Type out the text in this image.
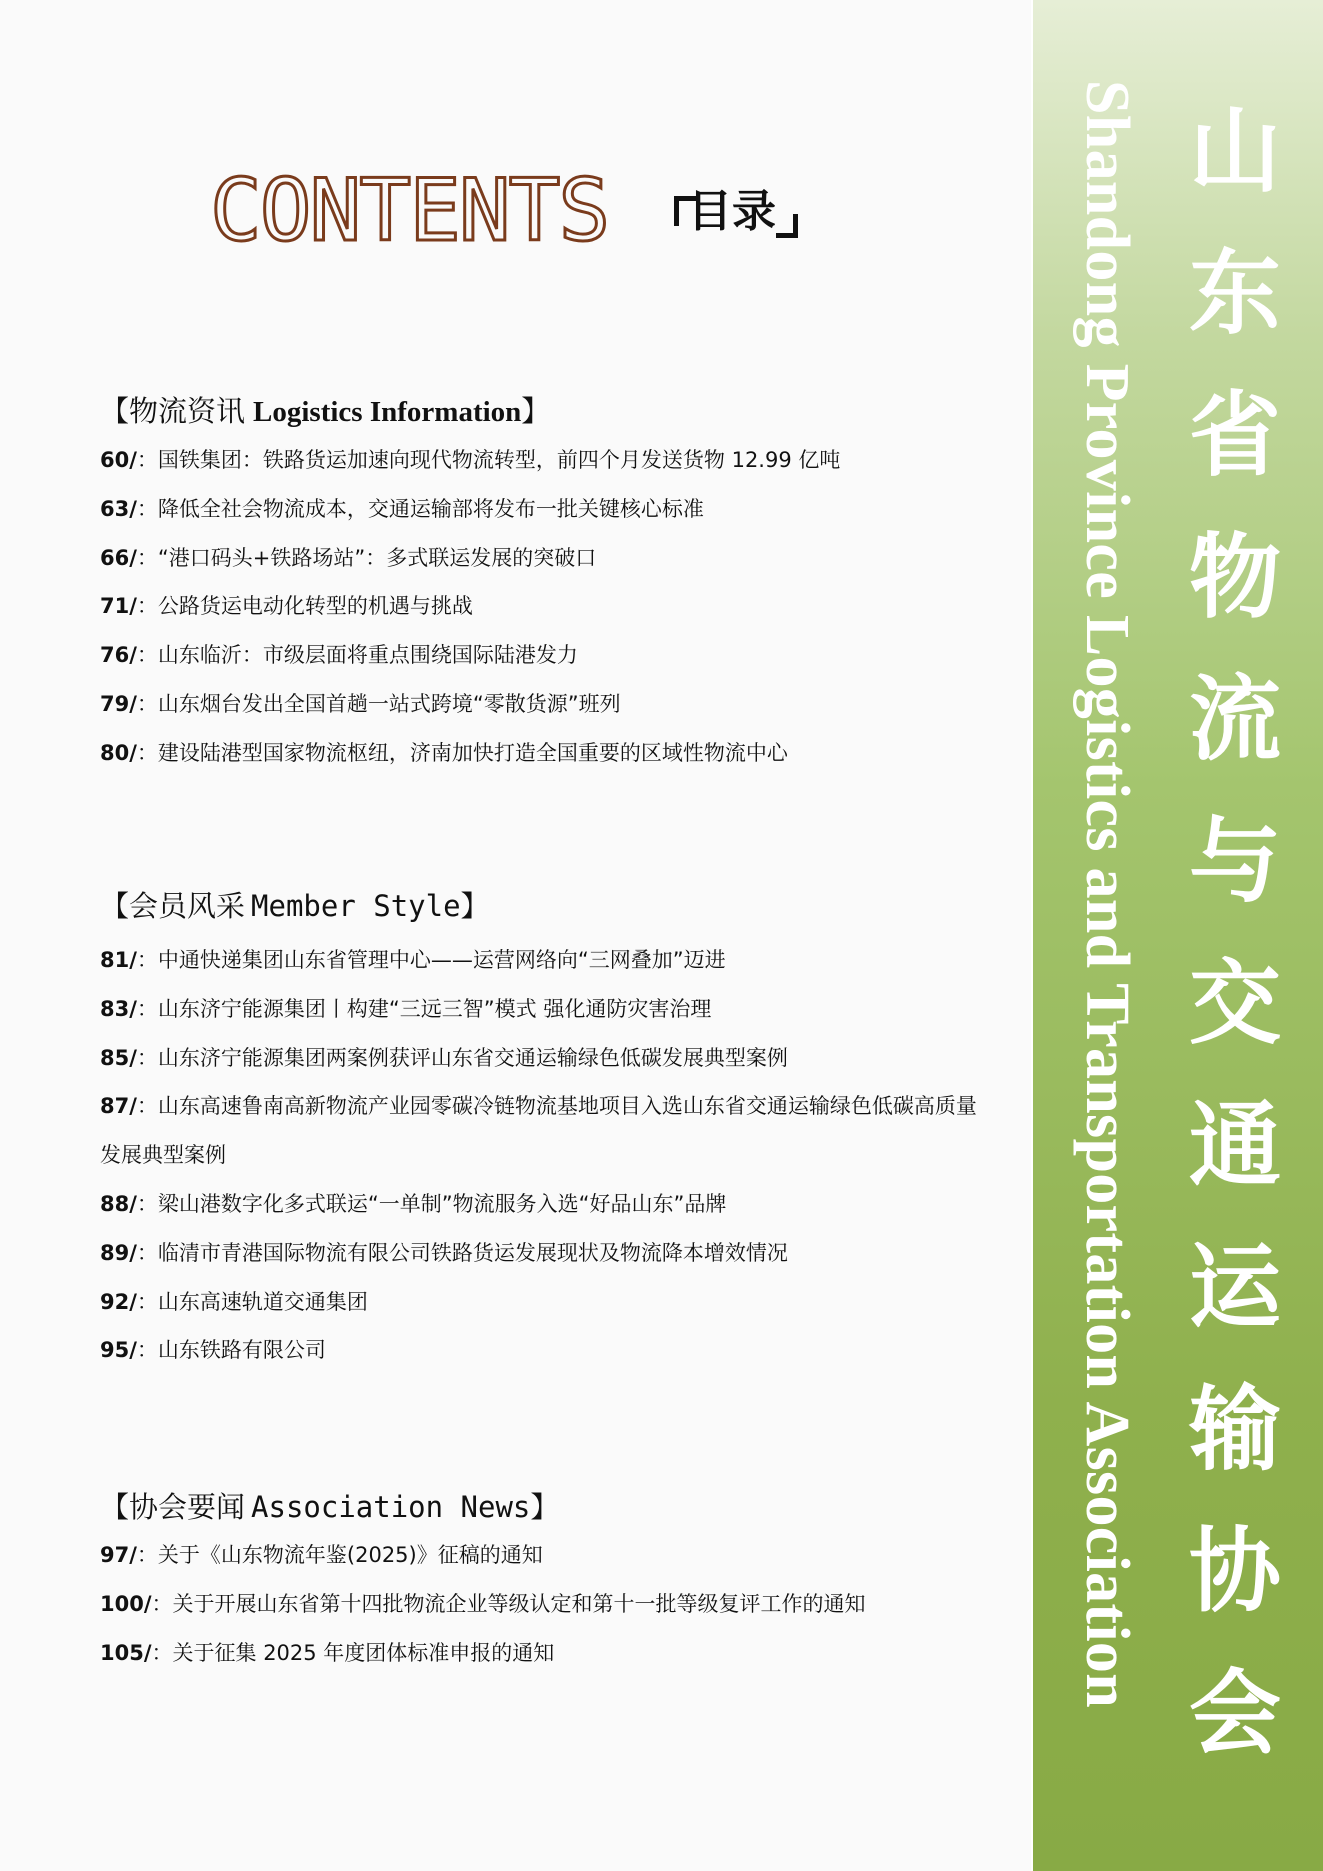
CONTENTS 目录
【物流资讯 Logistics Information】
60/：国铁集团：铁路货运加速向现代物流转型，前四个月发送货物 12.99 亿吨
63/：降低全社会物流成本，交通运输部将发布一批关键核心标准
66/：“港口码头+铁路场站”：多式联运发展的突破口
71/：公路货运电动化转型的机遇与挑战
76/：山东临沂：市级层面将重点围绕国际陆港发力
79/：山东烟台发出全国首趟一站式跨境“零散货源”班列
80/：建设陆港型国家物流枢纽，济南加快打造全国重要的区域性物流中心
【会员风采 Member Style】
81/：中通快递集团山东省管理中心——运营网络向“三网叠加”迈进
83/：山东济宁能源集团丨构建“三远三智”模式 强化通防灾害治理
85/：山东济宁能源集团两案例获评山东省交通运输绿色低碳发展典型案例
87/：山东高速鲁南高新物流产业园零碳冷链物流基地项目入选山东省交通运输绿色低碳高质量发展典型案例
88/：梁山港数字化多式联运“一单制”物流服务入选“好品山东”品牌
89/：临清市青港国际物流有限公司铁路货运发展现状及物流降本增效情况
92/：山东高速轨道交通集团
95/：山东铁路有限公司
【协会要闻 Association News】
97/：关于《山东物流年鉴(2025)》征稿的通知
100/：关于开展山东省第十四批物流企业等级认定和第十一批等级复评工作的通知
105/：关于征集 2025 年度团体标准申报的通知	Shandong Province Logistics and Transportation Association 山
东
省
物
流
与
交
通
运
输
协
会
